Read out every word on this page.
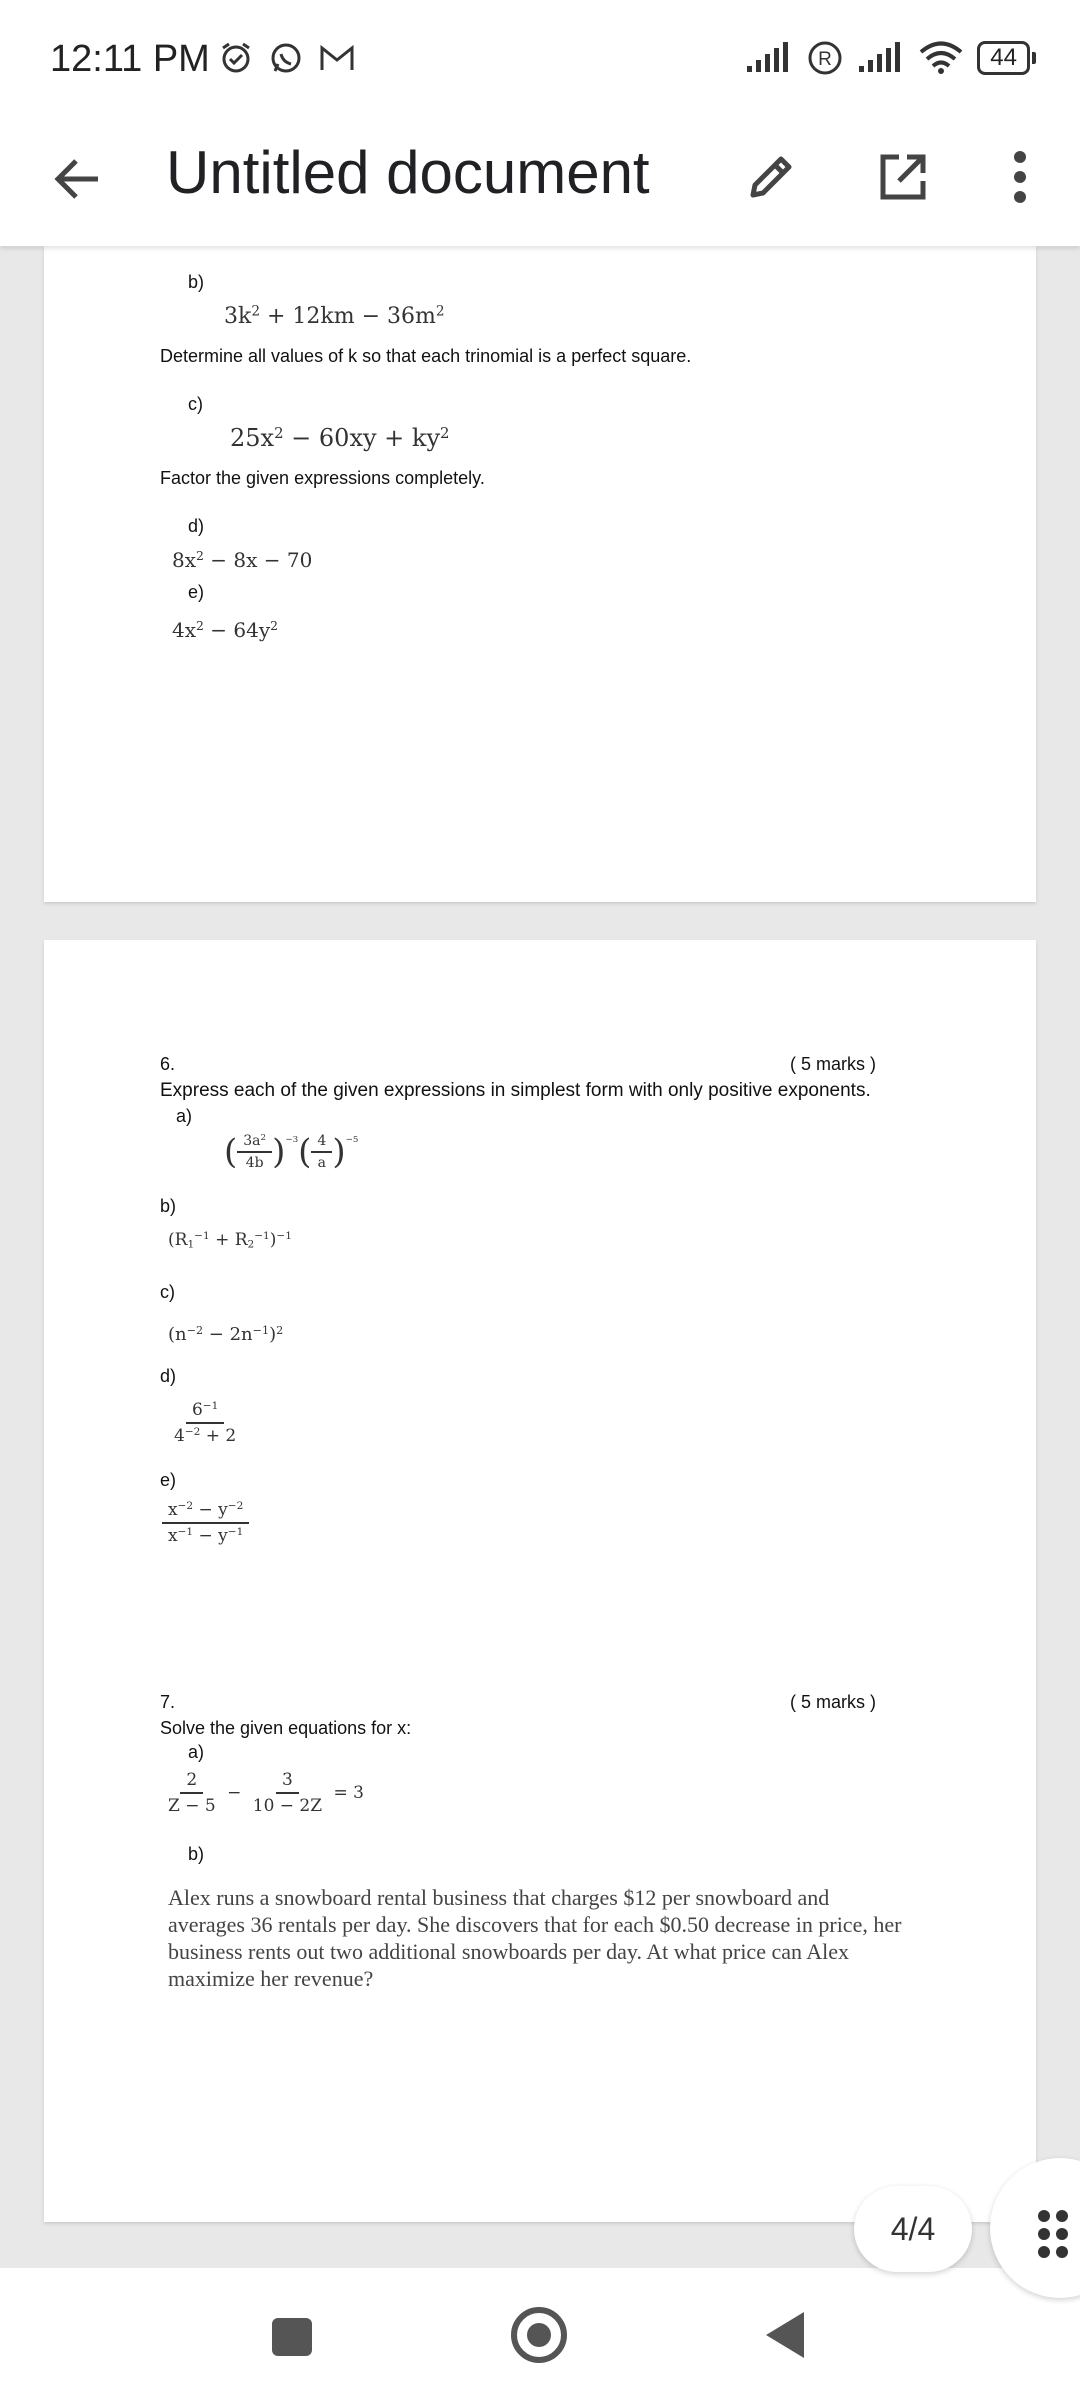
12:11 PM	R	44
Untitled document
b)
$3k^2 + 12km - 36m^2$
Determine all values of k so that each trinomial is a perfect square.
c)
$25x^2 - 60xy + ky^2$
Factor the given expressions completely.
d)
$8x^2 - 8x - 70$
e)
$4x^2 - 64y^2$
6.	( 5 marks )
Express each of the given expressions in simplest form with only positive exponents.
a)
( $\frac{3a^2}{4b} )^{-3}( \frac{4}{a} )^{-5}$
b)
$(R_1^{-1} + R_2^{-1})^{-1}$
c)
$(n^{-2} - 2n^{-1})^2$
d)
$\frac{6^{-1}}{4^{-2} + 2}$
e)
$\frac{x^{-2} - y^{-2}}{x^{-1} - y^{-1}}$
7.	( 5 marks )
Solve the given equations for x:
a)
$\frac{2}{Z - 5} - \frac{3}{10 - 2Z} = 3$
b)
Alex runs a snowboard rental business that charges $12 per snowboard and averages 36 rentals per day. She discovers that for each $0.50 decrease in price, her business rents out two additional snowboards per day. At what price can Alex maximize her revenue?
4/4
